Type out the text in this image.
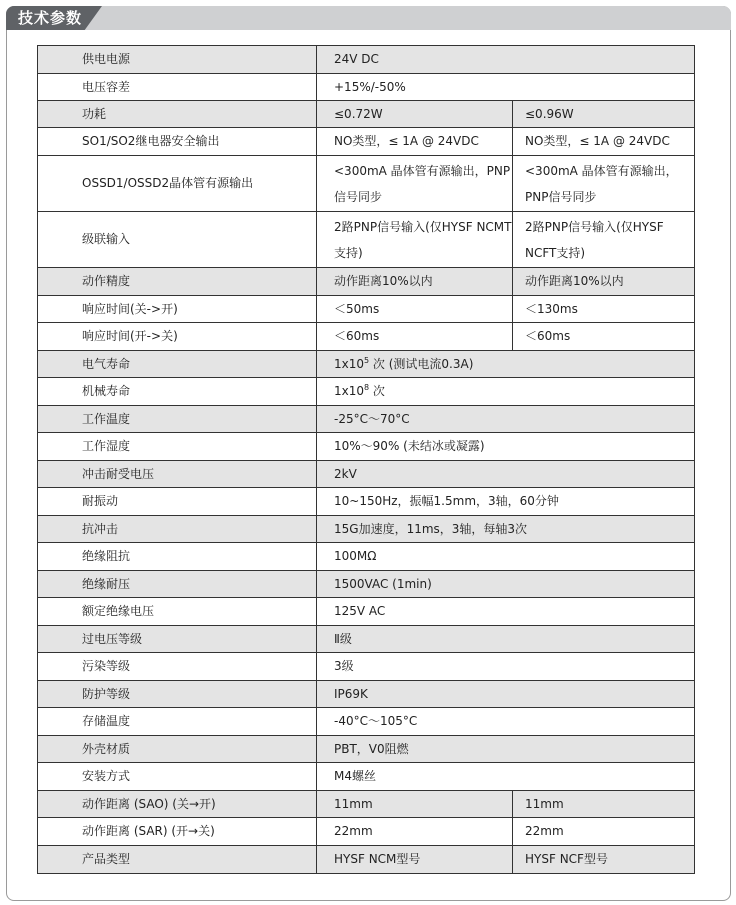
技术参数
供电电源	24V DC	
电压容差	+15%/-50%	
功耗	≤0.72W	≤0.96W
SO1/SO2继电器安全输出	NO类型，≤ 1A @ 24VDC	NO类型，≤ 1A @ 24VDC
OSSD1/OSSD2晶体管有源输出	<300mA 晶体管有源输出，PNP信号同步	<300mA 晶体管有源输出，PNP信号同步
级联输入	2路PNP信号输入(仅HYSF NCMT支持)	2路PNP信号输入(仅HYSF NCFT支持)
动作精度	动作距离10%以内	动作距离10%以内
响应时间(关->开)	＜50ms	＜130ms
响应时间(开->关)	＜60ms	＜60ms
电气寿命	$1x10^5$ 次 (测试电流0.3A)	
机械寿命	$1x10^8$ 次	
工作温度	-25°C～70°C	
工作湿度	10%～90% (未结冰或凝露)	
冲击耐受电压	2kV	
耐振动	10~150Hz，振幅1.5mm，3轴，60分钟	
抗冲击	15G加速度，11ms，3轴，每轴3次	
绝缘阻抗	100MΩ	
绝缘耐压	1500VAC (1min)	
额定绝缘电压	125V AC	
过电压等级	Ⅱ级	
污染等级	3级	
防护等级	IP69K	
存储温度	-40°C～105°C	
外壳材质	PBT，V0阻燃	
安装方式	M4螺丝	
动作距离 (SAO) (关→开)	11mm	11mm
动作距离 (SAR) (开→关)	22mm	22mm
产品类型	HYSF NCM型号	HYSF NCF型号
